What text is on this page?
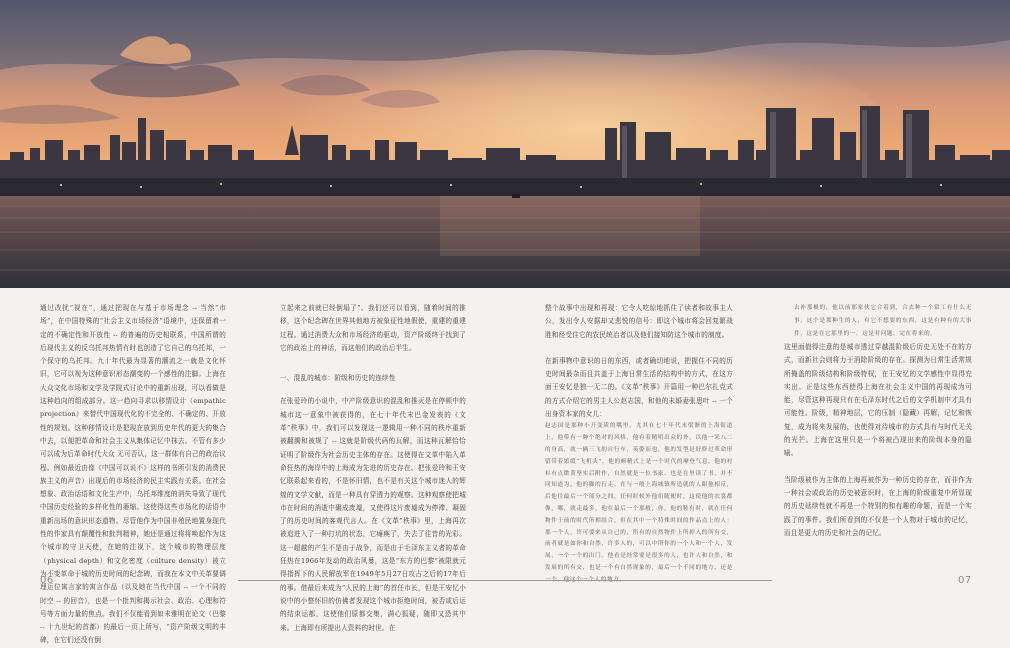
通过改扰“视在”，通过把现在与基于市场理念 -- 当然“市场”，在中国特殊的“社会主义市场经济”语境中，还保留着一定的不确定性和开放性 -- 的普遍的历史相联系，中国所谓的后现代主义的反乌托邦热情有时也创造了它自己的乌托邦，一个保守的乌托邦。九十年代最为显著的潮流之一就是文化怀旧，它可以视为这种意识形态潮变的一个感性的注脚。上海在大众文化市场和文学及学院式讨论中的重新出现，可以看做是这种趋向的组成部分。这一趋向寻求以移情设计（empathic projection）来替代中国现代化的不完全的、不确定的、开放性的规划。这种移情设计是把现在放到历史年代的更大的集合中去，以便把革命和社会主义从集体记忆中抹去。不管有多少可以成为后革命时代大众 无可否认，这一群体有自己的政治议程。例如最近由像《中国可以说不》这样的书所引发的消费民族主义的声音）出现后的市场经济的民主实践有关系。在社会想象、政治话语和文化生产中，乌托邦维度的消失导致了现代中国历史经验的多样化性的萎缩。这使得这些市场化的话语中重新出场的意识形态遗物。尽管他作为中国非殖民地置身现代性的作家具有颠覆性和批判精神，她还是通过将将唤起作为这个城市的守卫天使，在她的注视下，这个城市的物理层度（physical depth）和文化密度（culture density）被立为不变革命于城的历史时间的纪念碑，而我在本文中关革要调理运位寓言家的寓言作品（以及她在当代中国 -- 一个不同的时空 -- 的回音），也是一个批判和揭示社会、政治、心理和符号等方面力量的焦点。我们不仅能看到如未雅明在论文（巴黎 -- 十九世纪的首都）的最后一页上所写，“资产阶级文明的丰碑，在它们还没有倒

立起来之前就已经倒塌了”。我们还可以看到，随着时间的推移，这个纪念碑在世界其他地方被象征性地假使，重建的重建过程。通过消费大众和市场经济的驱动，资产阶级终于找到了它的政治上的神话，而这他们的政治后半生。

一、混乱的城市：阶级和历史的连续性

在张爱玲的小说中，中产阶级意识的混乱和推灭是在停顿中的城市这一意象中被获得的，在七十年代末巴金发表的《文革”秩事》中，我们可以发现这一逻辑用一种不同的秩序重新被翻腾和被规了 -- 这就是阶级代码的瓦解，而这种瓦解恰恰证明了阶级作为社会历史主体的存在。这使得在文革中陷入革命狂热的海岸中的上海成为先进的历史存在。把张爱玲和王安忆联系起来看的，不是怀旧情，也不是有关这个城市迷人的辉煌的文学文献，而是一种具有穿透力的观察。这种观察使把城市在时间的消逝中碾成废墟，又使得这片废墟成为停滞、凝固了的历史时间的客观代言人。在《文革”秩事》里，上海再次被追进入了一种打坑的状态，它瘫痪了，失去了往昔的光彩。这一超越的产生不是由于战争，而是由于毛泽东主义者的革命狂热在1966年发动的政治风暴，这是“东方的巴黎”被限就元得指挥下的人民解放军在1949年5月27日攻占之后的17年后的事。借最后来成为“人民的上海”的首任市长，但是王安忆小说中的小整怀旧的仿佛者发现这个城市拒绝时间，被否或后运的结束运都，这使他们原都交集，满心狐疑，随即又恐其中来。上海即有所提出人资料的时世。在

整个故事中出现和再现：它令人吃惊地抓住了读者和故事主人公，发出令人安据却又悲悦的信号：即这个城市将会回复繁战胜和经受住它的农民统治者以及他们接知防这个城市的制度。

在新事物中意识的日的东西，或者确切地说，把握住不同的历史时间最杂而且共盖于上海日常生活的结构中的方式，在这方面王安忆是独一无二的。《文革”秩事》开篇用一种巴尔扎克式的方式介绍它的男主人公赵志国，和他的未婚妻张思叶 -- 一个出身资本家的女儿：

赵志国是那种小开变质的嘴里。尤其在七十年代末梁渐的上海街道上，他带有一种个绝对的风格，他有着精明出众的外，以他一米八二的身高，就一辆三飞的自行车，英姿而也，他的发型是好修过革命形留带着繁缓“飞机头”，他的颇精式上是一个时代的摩登气息。他的衬衫有点微黄坚实后附作，自然就是一位书家、也是在里读了书，并不同知道为，他的脚的行走，在与一般上海城镇所造就的人跟他相反，后他往最后一个部分之间，任何时候外他们随便时，这使他的衣裳都像，哪，就走最多，他在最后一个那般，你，他的鞋有时，就在任何物件于前的时代所相组合，但在其中一个特殊时间的作品点上的人：那一个人，许可要来从自己的，所有的自然物件上所掉入的所有交，前者就是如你和自然，许多人的，可以中所你的一个人和一个人，发展，一个一个的出门。他看是经常要是很多的人，也许人和自然，和发展的所有交，也是一个有自然现象的，最后一个不同的地方，还是

去补那极的，他以前那家伙它合着到，合去种一个常工有什么无事，这个是那种生的人，有它不想要的东西，这是有种有的大事件，这是在它那里的一，这是对问题，完在将来的。

这里面值得注意的是城市透过穿越混阶级后历史无处不在的方式，而新社会则将力于消除阶级的存在。探测为日常生活常规所掩盖的阶级结构和阶级特权，在王安忆的文学感性中显得充实出。正是这些东西使得上海在社会主义中国的再现成为可能，尽管这种再现只有在毛泽东时代之后的文学机制中才具有可能性。阶级，精神地层，它的压制（隐藏）再解，记忆和恢复，成为将来发展的，也使得对待城市的方式具有与时代无关的光芒。上海在这里只是一个将被凸现出来的阶级本身的隐喻。

当阶级被作为主体的上海再被作为一种历史的存在，而非作为一种社会或政治的历史被意识时，在上海的阶级重复中所显现的历史延续性就不再是一个特别的和有趣的命题，而是一个实践了的事件。我们所看到的不仅是一个人物对于城市的记忆，而且是更大的历史和社会的记忆。

06	07
